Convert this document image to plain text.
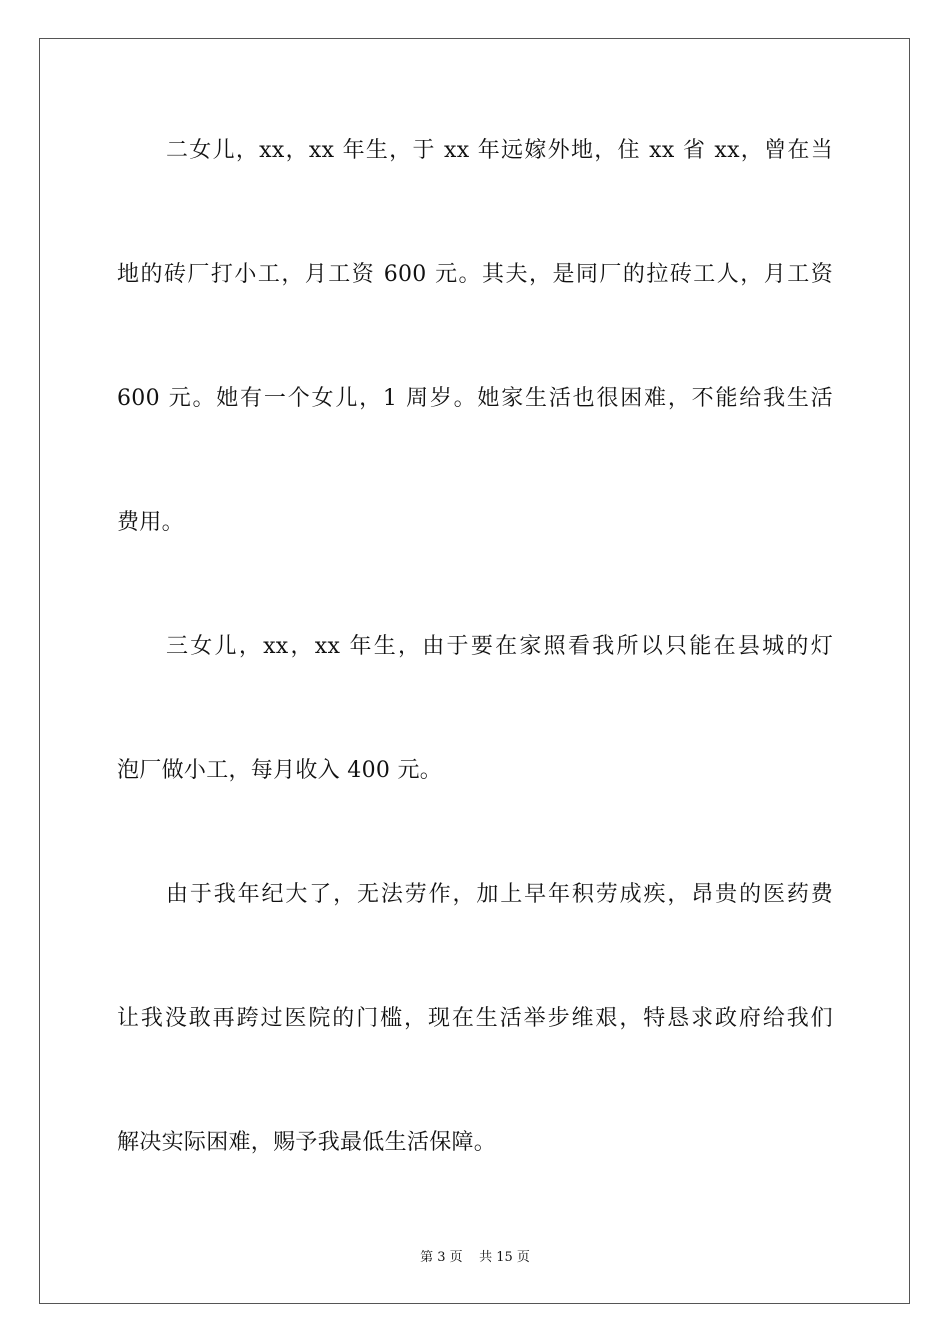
二女儿，xx，xx 年生，于 xx 年远嫁外地，住 xx 省 xx，曾在当
地的砖厂打小工，月工资 600 元。其夫，是同厂的拉砖工人，月工资
600 元。她有一个女儿，1 周岁。她家生活也很困难，不能给我生活
费用。
三女儿，xx，xx 年生，由于要在家照看我所以只能在县城的灯
泡厂做小工，每月收入 400 元。
由于我年纪大了，无法劳作，加上早年积劳成疾，昂贵的医药费
让我没敢再跨过医院的门槛，现在生活举步维艰，特恳求政府给我们
解决实际困难，赐予我最低生活保障。
第 3 页    共 15 页
